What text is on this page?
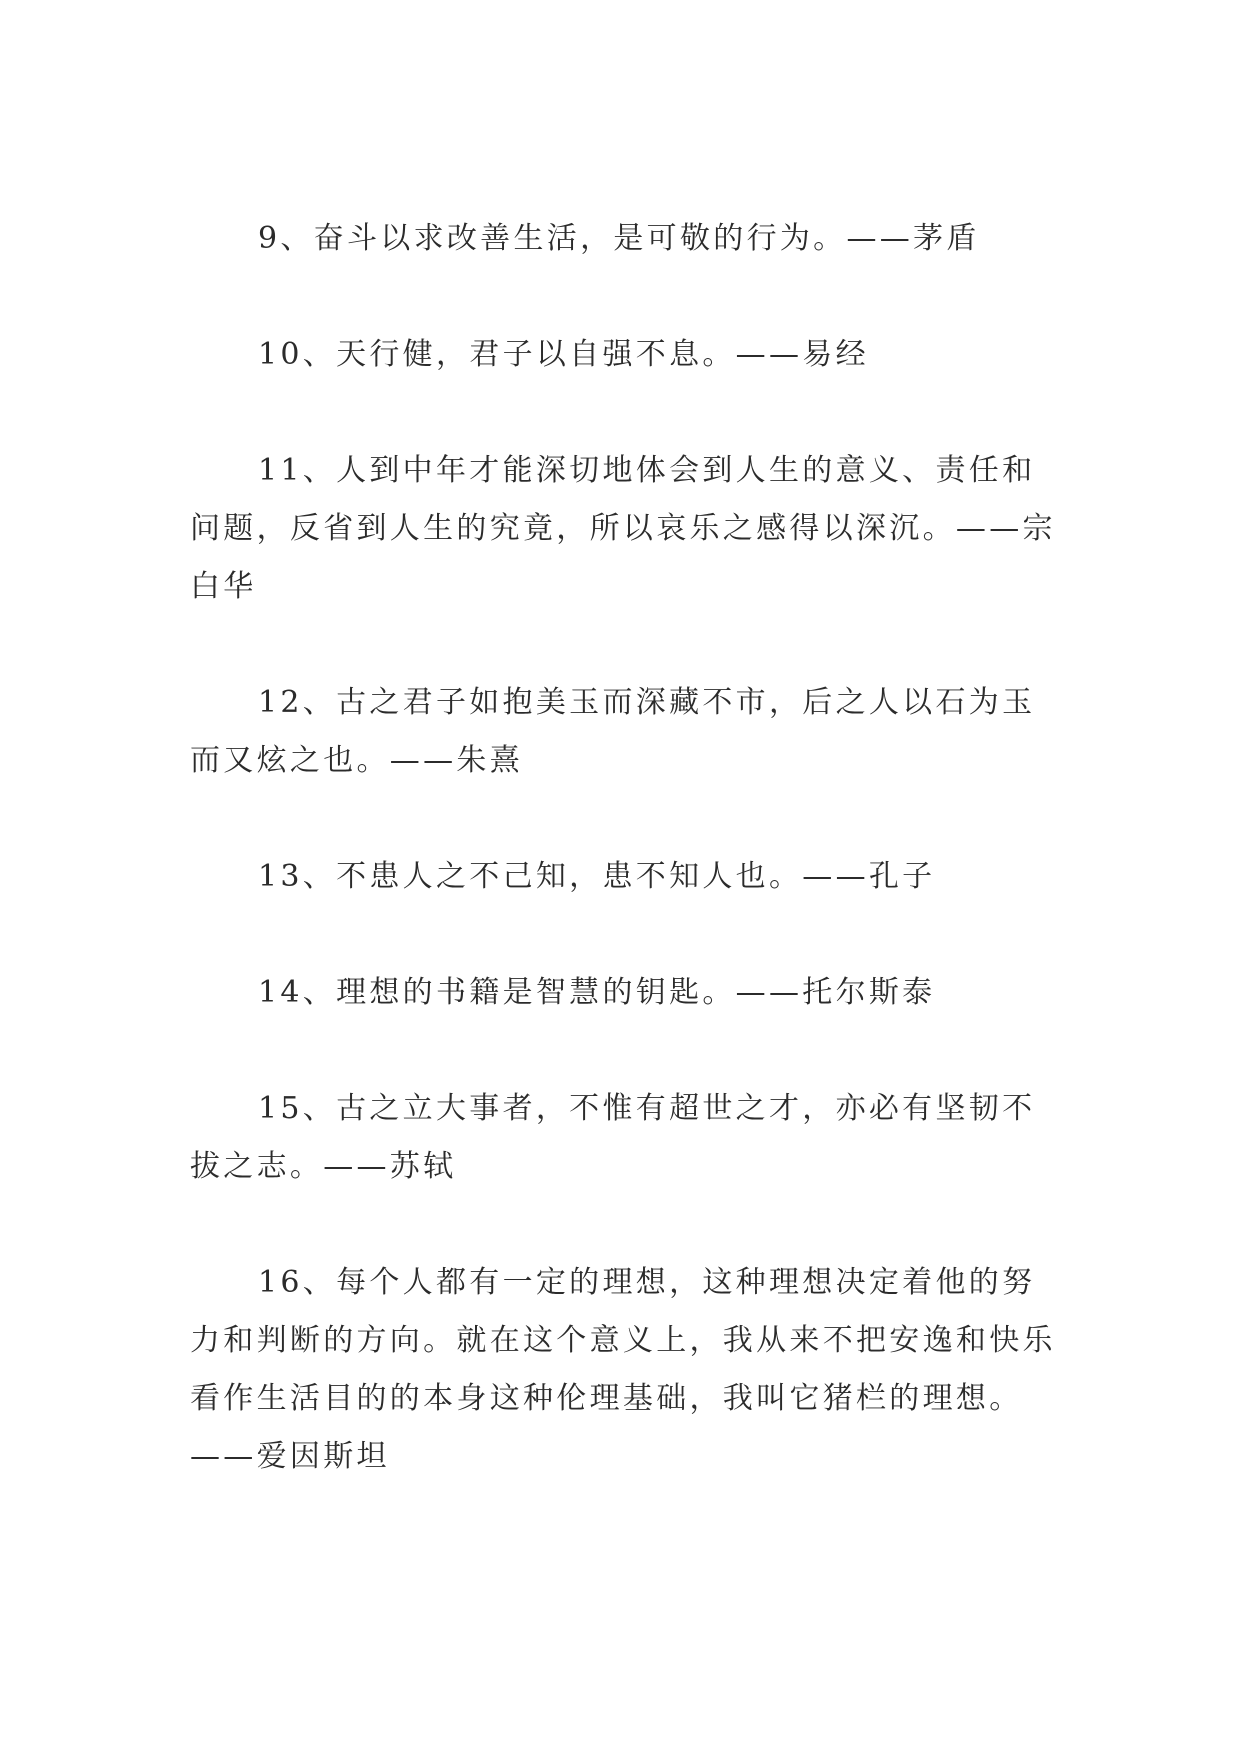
9、奋斗以求改善生活，是可敬的行为。——茅盾

10、天行健，君子以自强不息。——易经

11、人到中年才能深切地体会到人生的意义、责任和问题，反省到人生的究竟，所以哀乐之感得以深沉。——宗白华

12、古之君子如抱美玉而深藏不市，后之人以石为玉而又炫之也。——朱熹

13、不患人之不己知，患不知人也。——孔子

14、理想的书籍是智慧的钥匙。——托尔斯泰

15、古之立大事者，不惟有超世之才，亦必有坚韧不拔之志。——苏轼

16、每个人都有一定的理想，这种理想决定着他的努力和判断的方向。就在这个意义上，我从来不把安逸和快乐看作生活目的的本身这种伦理基础，我叫它猪栏的理想。——爱因斯坦
